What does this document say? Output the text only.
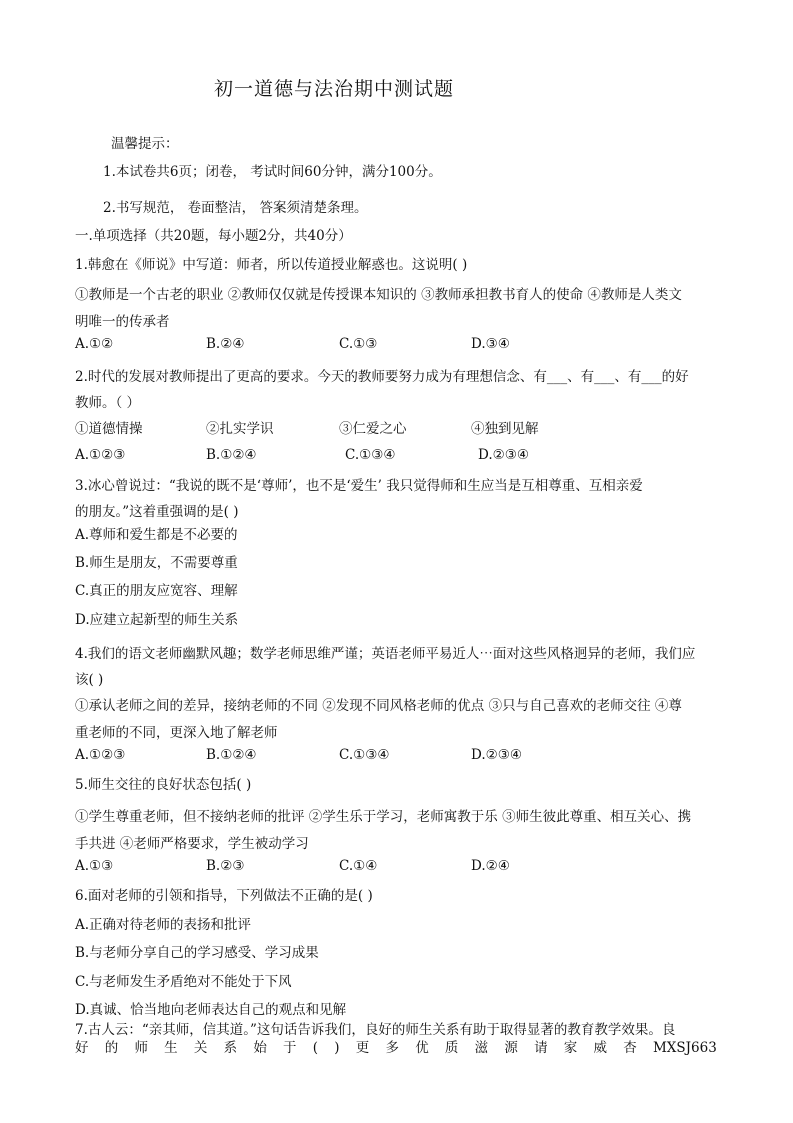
初一道德与法治期中测试题
温馨提示：
1.本试卷共6页；闭卷， 考试时间60分钟，满分100分。
2.书写规范， 卷面整洁， 答案须清楚条理。
一.单项选择（共20题，每小题2分，共40分）
1.韩愈在《师说》中写道：师者，所以传道授业解惑也。这说明( )
①教师是一个古老的职业 ②教师仅仅就是传授课本知识的 ③教师承担教书育人的使命 ④教师是人类文
明唯一的传承者
A.①②	B.②④	C.①③	D.③④
2.时代的发展对教师提出了更高的要求。今天的教师要努力成为有理想信念、有___、有___、有___的好
教师。（ ）
①道德情操	②扎实学识	③仁爱之心	④独到见解
A.①②③	B.①②④	C.①③④	D.②③④
3.冰心曾说过：“我说的既不是‘尊师’，也不是‘爱生’ 我只觉得师和生应当是互相尊重、互相亲爱
的朋友。”这着重强调的是( )
A.尊师和爱生都是不必要的
B.师生是朋友，不需要尊重
C.真正的朋友应宽容、理解
D.应建立起新型的师生关系
4.我们的语文老师幽默风趣；数学老师思维严谨；英语老师平易近人⋯面对这些风格迥异的老师，我们应
该( )
①承认老师之间的差异，接纳老师的不同 ②发现不同风格老师的优点 ③只与自己喜欢的老师交往 ④尊
重老师的不同，更深入地了解老师
A.①②③	B.①②④	C.①③④	D.②③④
5.师生交往的良好状态包括( )
①学生尊重老师，但不接纳老师的批评 ②学生乐于学习，老师寓教于乐 ③师生彼此尊重、相互关心、携
手共进 ④老师严格要求，学生被动学习
A.①③	B.②③	C.①④	D.②④
6.面对老师的引领和指导，下列做法不正确的是( )
A.正确对待老师的表扬和批评
B.与老师分享自己的学习感受、学习成果
C.与老师发生矛盾绝对不能处于下风
D.真诚、恰当地向老师表达自己的观点和见解
7.古人云：“亲其师，信其道。”这句话告诉我们，良好的师生关系有助于取得显著的教育教学效果。良
好 的 师 生 关 系 始 于 ( ) 更 多 优 质 滋 源 请 家 威 杏 MXSJ663
